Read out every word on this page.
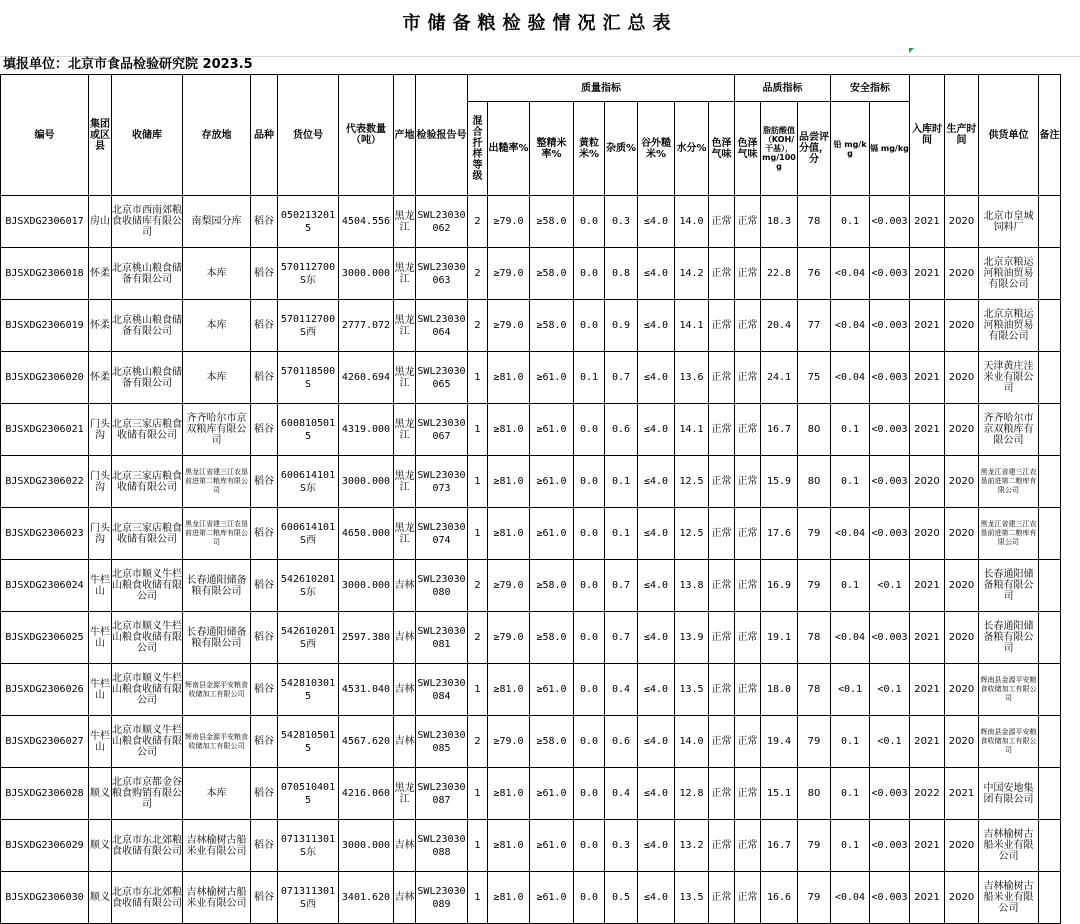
市储备粮检验情况汇总表
填报单位：北京市食品检验研究院 2023.5
编号	集团或区县	收储库	存放地	品种	货位号	代表数量（吨）	产地	检验报告号	质量指标								品质指标			安全指标		入库时间	生产时间	供货单位	备注
									混合扦样等级	出糙率%	整精米率%	黄粒米%	杂质%	谷外糙米%	水分%	色泽气味	色泽气味	脂肪酸值（KOH/干基），mg/100g	品尝评分值，分	铅 mg/kg	镉 mg/kg				
BJSXDG2306017	房山	北京市西南郊粮食收储库有限公司	南梨园分库	稻谷	0502132015	4504.556	黑龙江	SWL23030062	2	≥79.0	≥58.0	0.0	0.3	≤4.0	14.0	正常	正常	18.3	78	0.1	<0.003	2021	2020	北京市皇城饲料厂	
BJSXDG2306018	怀柔	北京桃山粮食储备有限公司	本库	稻谷	570112700S东	3000.000	黑龙江	SWL23030063	2	≥79.0	≥58.0	0.0	0.8	≤4.0	14.2	正常	正常	22.8	76	<0.04	<0.003	2021	2020	北京京粮运河粮油贸易有限公司	
BJSXDG2306019	怀柔	北京桃山粮食储备有限公司	本库	稻谷	570112700S西	2777.072	黑龙江	SWL23030064	2	≥79.0	≥58.0	0.0	0.9	≤4.0	14.1	正常	正常	20.4	77	<0.04	<0.003	2021	2020	北京京粮运河粮油贸易有限公司	
BJSXDG2306020	怀柔	北京桃山粮食储备有限公司	本库	稻谷	570118500S	4260.694	黑龙江	SWL23030065	1	≥81.0	≥61.0	0.1	0.7	≤4.0	13.6	正常	正常	24.1	75	<0.04	<0.003	2021	2020	天津黄庄洼米业有限公司	
BJSXDG2306021	门头沟	北京三家店粮食收储有限公司	齐齐哈尔市京双粮库有限公司	稻谷	6008105015	4319.000	黑龙江	SWL23030067	1	≥81.0	≥61.0	0.0	0.6	≤4.0	14.1	正常	正常	16.7	80	0.1	<0.003	2021	2020	齐齐哈尔市京双粮库有限公司	
BJSXDG2306022	门头沟	北京三家店粮食收储有限公司	黑龙江省建三江农垦前进第二粮库有限公司	稻谷	600614101S东	3000.000	黑龙江	SWL23030073	1	≥81.0	≥61.0	0.0	0.1	≤4.0	12.5	正常	正常	15.9	80	0.1	<0.003	2020	2020	黑龙江省建三江农垦前进第二粮库有限公司	
BJSXDG2306023	门头沟	北京三家店粮食收储有限公司	黑龙江省建三江农垦前进第二粮库有限公司	稻谷	600614101S西	4650.000	黑龙江	SWL23030074	1	≥81.0	≥61.0	0.0	0.1	≤4.0	12.5	正常	正常	17.6	79	<0.04	<0.003	2020	2020	黑龙江省建三江农垦前进第二粮库有限公司	
BJSXDG2306024	牛栏山	北京市顺义牛栏山粮食收储有限公司	长春通阳储备粮有限公司	稻谷	542610201S东	3000.000	吉林	SWL23030080	2	≥79.0	≥58.0	0.0	0.7	≤4.0	13.8	正常	正常	16.9	79	0.1	<0.1	2021	2020	长春通阳储备粮有限公司	
BJSXDG2306025	牛栏山	北京市顺义牛栏山粮食收储有限公司	长春通阳储备粮有限公司	稻谷	542610201S西	2597.380	吉林	SWL23030081	2	≥79.0	≥58.0	0.0	0.7	≤4.0	13.9	正常	正常	19.1	78	<0.04	<0.003	2021	2020	长春通阳储备粮有限公司	
BJSXDG2306026	牛栏山	北京市顺义牛栏山粮食收储有限公司	辉南县金源平安粮食收储加工有限公司	稻谷	5428103015	4531.040	吉林	SWL23030084	1	≥81.0	≥61.0	0.0	0.4	≤4.0	13.5	正常	正常	18.0	78	<0.1	<0.1	2021	2020	辉南县金源平安粮食收储加工有限公司	
BJSXDG2306027	牛栏山	北京市顺义牛栏山粮食收储有限公司	辉南县金源平安粮食收储加工有限公司	稻谷	5428105015	4567.620	吉林	SWL23030085	2	≥79.0	≥58.0	0.0	0.6	≤4.0	14.0	正常	正常	19.4	79	0.1	<0.1	2021	2020	辉南县金源平安粮食收储加工有限公司	
BJSXDG2306028	顺义	北京市京都金谷粮食购销有限公司	本库	稻谷	0705104015	4216.060	黑龙江	SWL23030087	1	≥81.0	≥61.0	0.0	0.4	≤4.0	12.8	正常	正常	15.1	80	0.1	<0.003	2022	2021	中国安地集团有限公司	
BJSXDG2306029	顺义	北京市东北郊粮食收储有限公司	吉林榆树古船米业有限公司	稻谷	071311301S东	3000.000	吉林	SWL23030088	1	≥81.0	≥61.0	0.0	0.3	≤4.0	13.2	正常	正常	16.7	79	0.1	<0.003	2021	2020	吉林榆树古船米业有限公司	
BJSXDG2306030	顺义	北京市东北郊粮食收储有限公司	吉林榆树古船米业有限公司	稻谷	071311301S西	3401.620	吉林	SWL23030089	1	≥81.0	≥61.0	0.0	0.5	≤4.0	13.5	正常	正常	16.6	79	<0.04	<0.003	2021	2020	吉林榆树古船米业有限公司	
